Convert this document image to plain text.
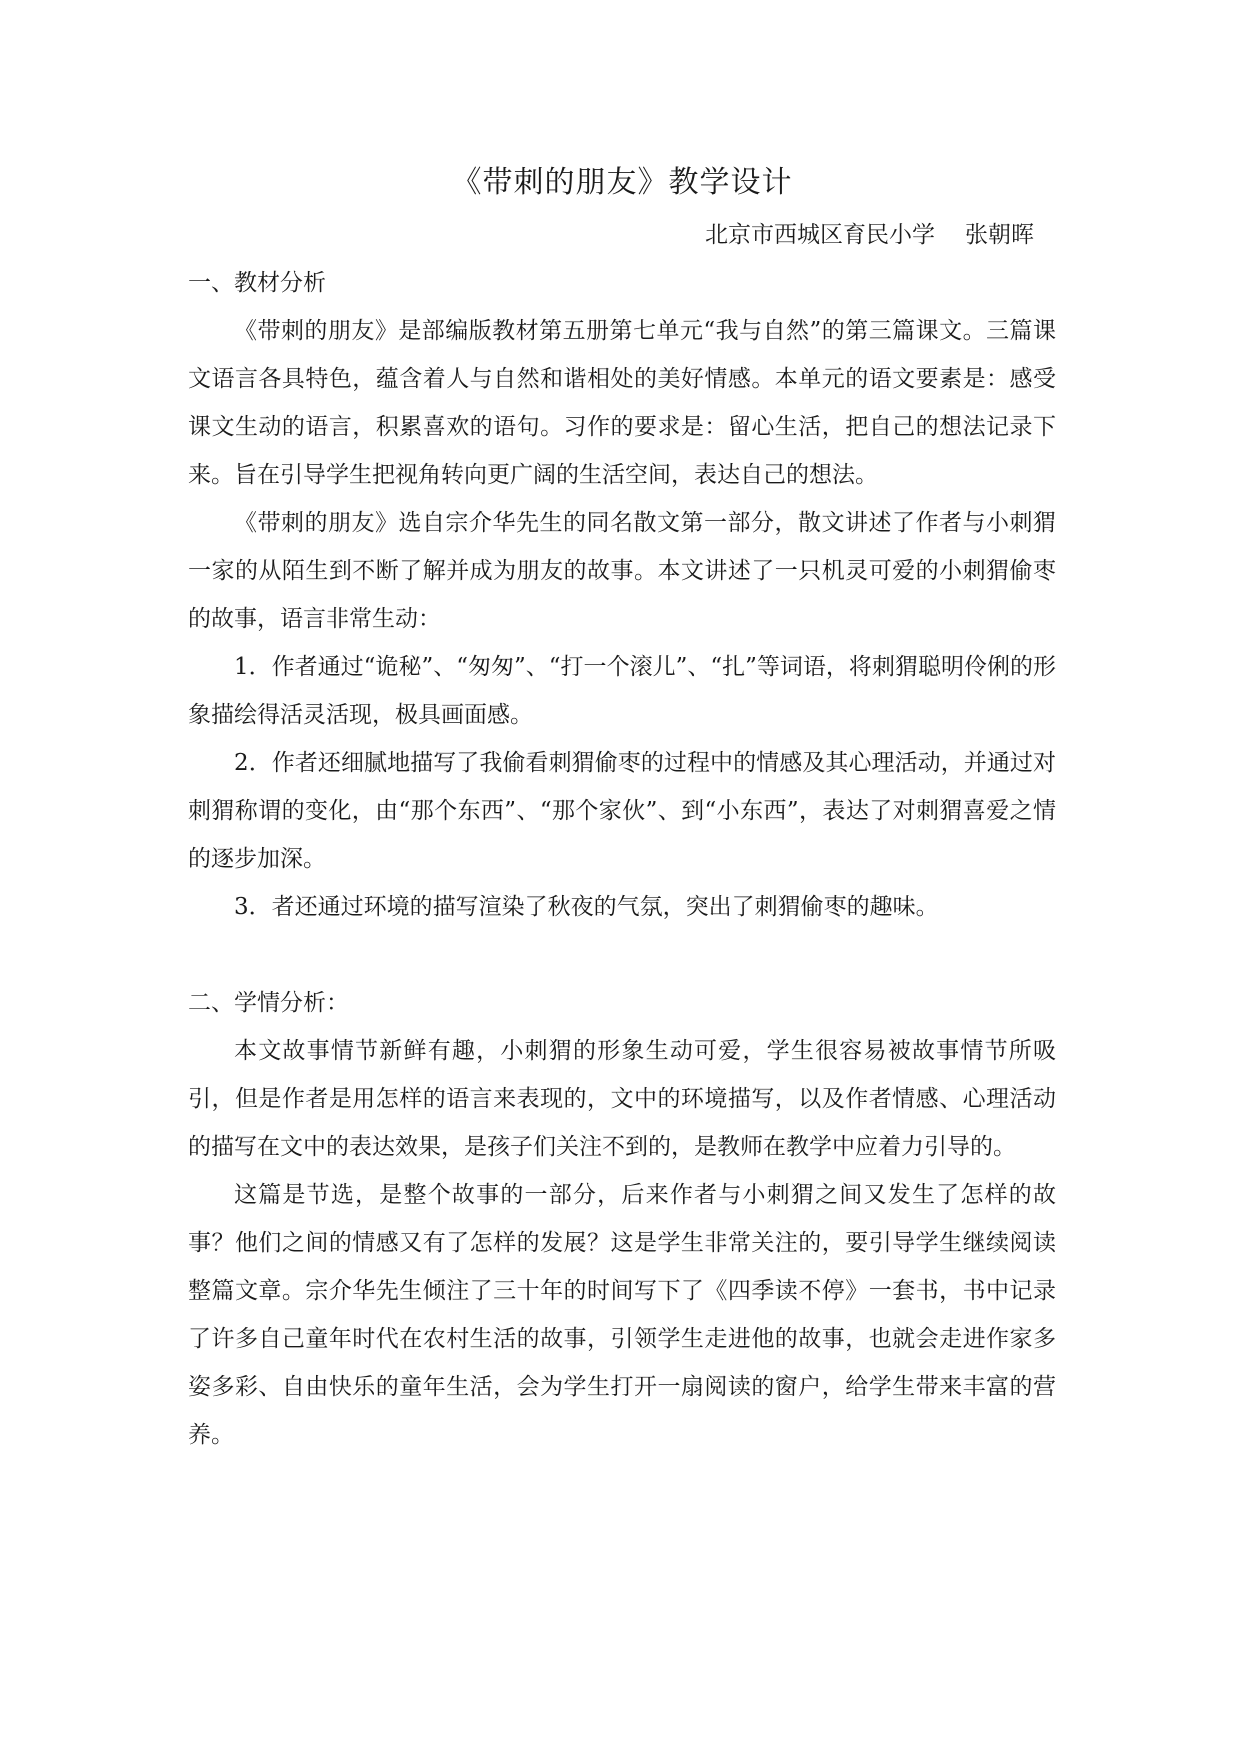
《带刺的朋友》教学设计
北京市西城区育民小学 张朝晖
一、教材分析

《带刺的朋友》是部编版教材第五册第七单元“我与自然”的第三篇课文。三篇课文语言各具特色，蕴含着人与自然和谐相处的美好情感。本单元的语文要素是：感受课文生动的语言，积累喜欢的语句。习作的要求是：留心生活，把自己的想法记录下来。旨在引导学生把视角转向更广阔的生活空间，表达自己的想法。

《带刺的朋友》选自宗介华先生的同名散文第一部分，散文讲述了作者与小刺猬一家的从陌生到不断了解并成为朋友的故事。本文讲述了一只机灵可爱的小刺猬偷枣的故事，语言非常生动：

1．作者通过“诡秘”、“匆匆”、“打一个滚儿”、“扎”等词语，将刺猬聪明伶俐的形象描绘得活灵活现，极具画面感。

2．作者还细腻地描写了我偷看刺猬偷枣的过程中的情感及其心理活动，并通过对刺猬称谓的变化，由“那个东西”、“那个家伙”、到“小东西”，表达了对刺猬喜爱之情的逐步加深。

3．者还通过环境的描写渲染了秋夜的气氛，突出了刺猬偷枣的趣味。

二、学情分析：

本文故事情节新鲜有趣，小刺猬的形象生动可爱，学生很容易被故事情节所吸引，但是作者是用怎样的语言来表现的，文中的环境描写，以及作者情感、心理活动的描写在文中的表达效果，是孩子们关注不到的，是教师在教学中应着力引导的。

这篇是节选，是整个故事的一部分，后来作者与小刺猬之间又发生了怎样的故事？他们之间的情感又有了怎样的发展？这是学生非常关注的，要引导学生继续阅读整篇文章。宗介华先生倾注了三十年的时间写下了《四季读不停》一套书，书中记录了许多自己童年时代在农村生活的故事，引领学生走进他的故事，也就会走进作家多姿多彩、自由快乐的童年生活，会为学生打开一扇阅读的窗户，给学生带来丰富的营养。
